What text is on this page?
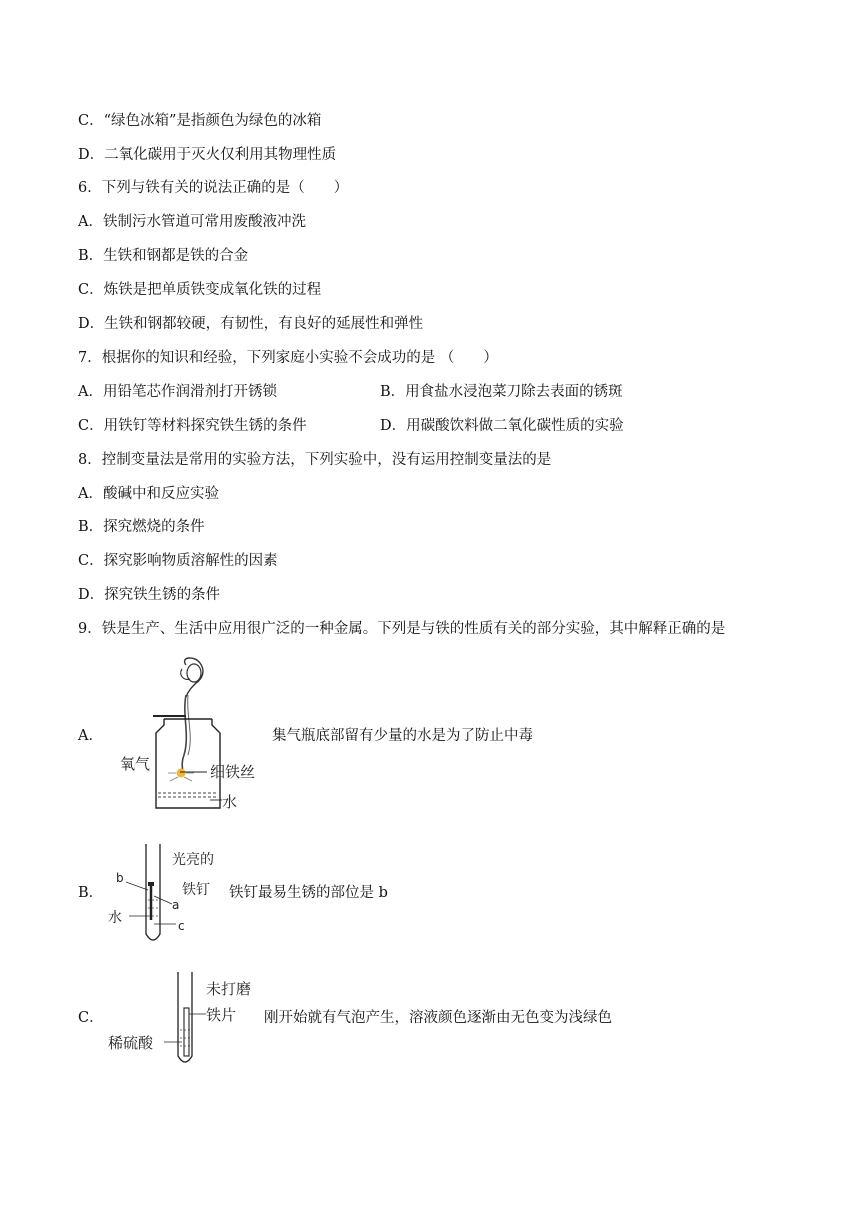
C．“绿色冰箱”是指颜色为绿色的冰箱
D．二氧化碳用于灭火仅利用其物理性质
6．下列与铁有关的说法正确的是（　　）
A．铁制污水管道可常用废酸液冲洗
B．生铁和钢都是铁的合金
C．炼铁是把单质铁变成氧化铁的过程
D．生铁和钢都较硬，有韧性，有良好的延展性和弹性
7．根据你的知识和经验，下列家庭小实验不会成功的是 （　　）
A．用铅笔芯作润滑剂打开锈锁	B．用食盐水浸泡菜刀除去表面的锈斑
C．用铁钉等材料探究铁生锈的条件	D．用碳酸饮料做二氧化碳性质的实验
8．控制变量法是常用的实验方法，下列实验中，没有运用控制变量法的是
A．酸碱中和反应实验
B．探究燃烧的条件
C．探究影响物质溶解性的因素
D．探究铁生锈的条件
9．铁是生产、生活中应用很广泛的一种金属。下列是与铁的性质有关的部分实验，其中解释正确的是
A．
氧气	细铁丝
水
集气瓶底部留有少量的水是为了防止中毒
B．
光亮的
铁钉
b
a
c
水
铁钉最易生锈的部位是 b
C．
未打磨
铁片
稀硫酸
刚开始就有气泡产生，溶液颜色逐渐由无色变为浅绿色
